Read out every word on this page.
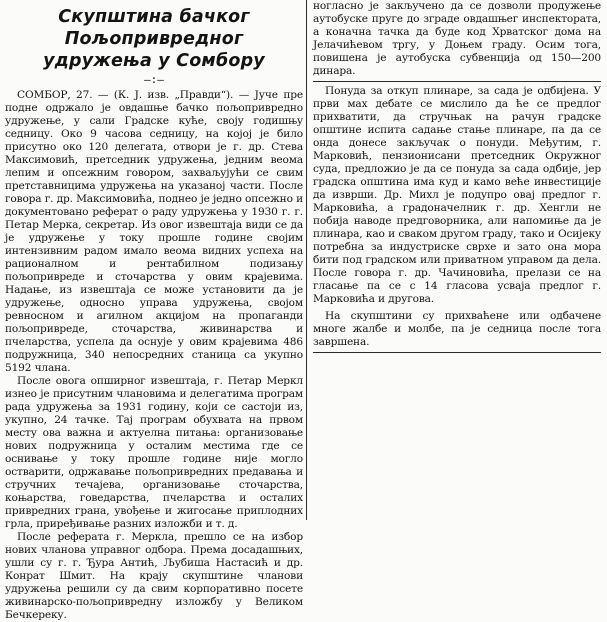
Скупштина бачког Пољопривредног
удружења у Сомбору
—:—

СОМБОР, 27. — (К. Ј. изв. „Правди“). — Јуче пре подне одржало је овдашње бачко пољопривредно удружење, у сали Градске куће, своју годишњу седницу. Око 9 часова седницу, на којој је било присутно око 120 делегата, отвори је г. др. Стева Максимовић, претседник удружења, једним веома лепим и опсежним говором, захваљујући се свим претставницима удружења на указаној части. После говора г. др. Максимовића, поднео је једно опсежно и документовано реферат о раду удружења у 1930 г. г. Петар Мерка, секретар. Из овог извештаја види се да је удружење у току прошле године својим интензивним радом имало веома видних успеха на рационалном и рентабилном подизању пољопривреде и сточарства у овим крајевима. Надање, из извештаја се може установити да је удружење, односно управа удружења, својом ревносном и агилном акцијом на пропаганди пољопривреде, сточарства, живинарства и пчеларства, успела да оснује у овим крајевима 486 подружница, 340 непосредних станица са укупно 5192 члана.

После овога опширног извештаја, г. Петар Меркл изнео је присутним члановима и делегатима програм рада удружења за 1931 годину, који се састоји из, укупно, 24 тачке. Тај програм обухвата на првом месту ова важна и актуелна питања: организовање нових подружница у осталим местима где се оснивање у току прошле године није могло остварити, одржавање пољопривредних предавања и стручних течајева, организовање сточарства, коњарства, говедарства, пчеларства и осталих привредних грана, увођење и жигосање приплодних грла, приређивање разних изложби и т. д.

После реферата г. Меркла, прешло се на избор нових чланова управног одбора. Према досадашњих, ушли су г. г. Ђура Антић, Љубиша Настасић и др. Конрат Шмит. На крају скупштине чланови удружења решили су да свим корпоративно посете живинарско-пољопривредну изложбу у Великом Бечкереку.

ногласно је закључено да се дозволи продужење аутобуске пруге до зграде овдашњег инспектората, а коначна тачка да буде код Хрватског дома на Јелачићевом тргу, у Доњем граду. Осим тога, повишена је аутобуска субвенција од 150—200 динара.

Понуда за откуп плинаре, за сада је одбијена. У први мах дебате се мислило да ће се предлог прихватити, да стручњак на рачун градске општине испита садање стање плинаре, па да се онда донесе закључак о понуди. Међутим, г. Марковић, пензионисани претседник Окружног суда, предложио је да се понуда за сада одбије, јер градска општина има куд и камо веће инвестиције да изврши. Др. Михл је подупро овај предлог г. Марковића, а градоначелник г. др. Хенгли не побија наводе предговорника, али напомиње да је плинара, као и сваком другом граду, тако и Осијеку потребна за индустриске сврхе и зато она мора бити под градском или приватном управом да дела. После говора г. др. Чачиновића, прелази се на гласање па се с 14 гласова усваја предлог г. Марковића и другова.

На скупштини су прихваћене или одбачене многе жалбе и молбе, па је седница после тога завршена.
